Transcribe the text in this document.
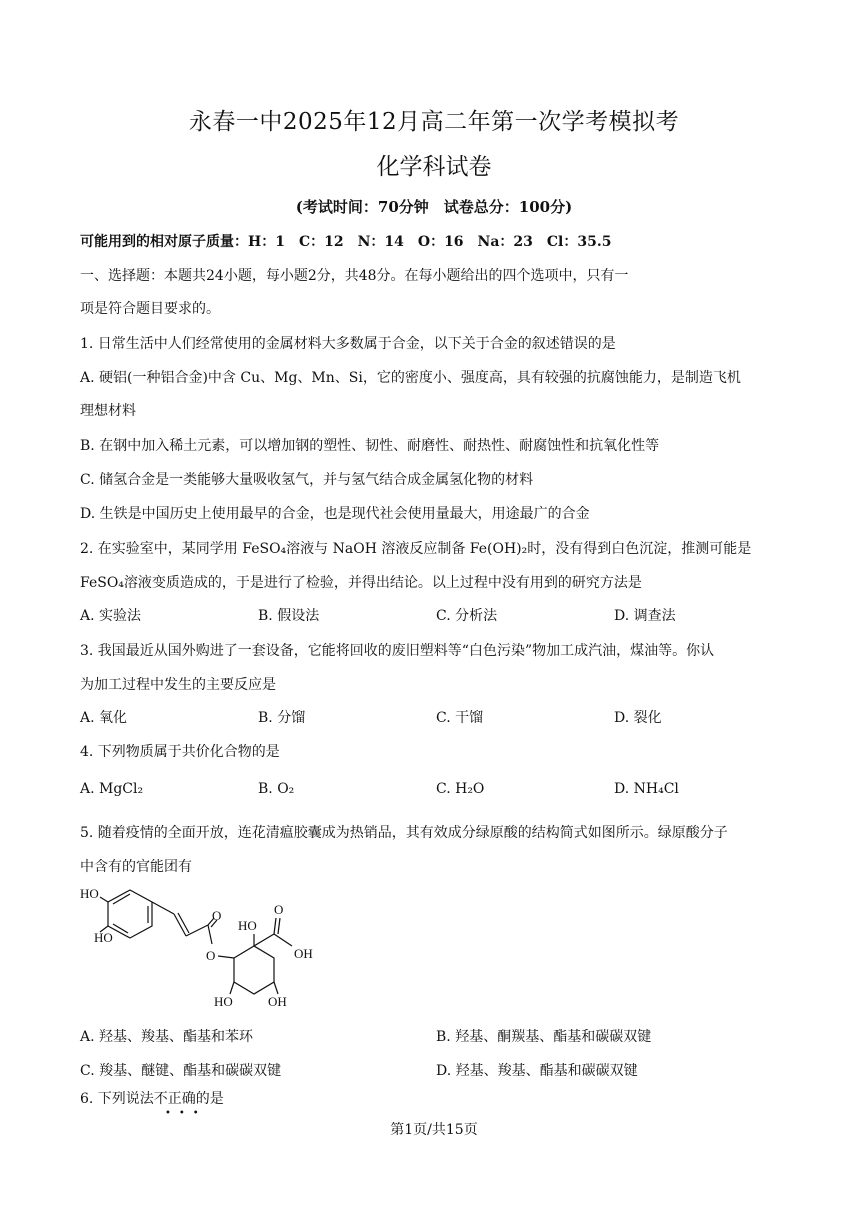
永春一中2025年12月高二年第一次学考模拟考
化学科试卷
(考试时间：70分钟　试卷总分：100分)
可能用到的相对原子质量：H：1　C：12　N：14　O：16　Na：23　Cl：35.5
一、选择题：本题共24小题，每小题2分，共48分。在每小题给出的四个选项中，只有一
项是符合题目要求的。
1. 日常生活中人们经常使用的金属材料大多数属于合金，以下关于合金的叙述错误的是
A. 硬铝(一种铝合金)中含 Cu、Mg、Mn、Si，它的密度小、强度高，具有较强的抗腐蚀能力，是制造飞机
理想材料
B. 在钢中加入稀土元素，可以增加钢的塑性、韧性、耐磨性、耐热性、耐腐蚀性和抗氧化性等
C. 储氢合金是一类能够大量吸收氢气，并与氢气结合成金属氢化物的材料
D. 生铁是中国历史上使用最早的合金，也是现代社会使用量最大，用途最广的合金
2. 在实验室中，某同学用 FeSO₄溶液与 NaOH 溶液反应制备 Fe(OH)₂时，没有得到白色沉淀，推测可能是
FeSO₄溶液变质造成的，于是进行了检验，并得出结论。以上过程中没有用到的研究方法是
A. 实验法	B. 假设法	C. 分析法	D. 调查法
3. 我国最近从国外购进了一套设备，它能将回收的废旧塑料等“白色污染”物加工成汽油，煤油等。你认
为加工过程中发生的主要反应是
A. 氧化	B. 分馏	C. 干馏	D. 裂化
4. 下列物质属于共价化合物的是
A. MgCl₂	B. O₂	C. H₂O	D. NH₄Cl
5. 随着疫情的全面开放，连花清瘟胶囊成为热销品，其有效成分绿原酸的结构简式如图所示。绿原酸分子
中含有的官能团有
HO
HO
O
O
HO
O
OH
HO	OH
A. 羟基、羧基、酯基和苯环	B. 羟基、酮羰基、酯基和碳碳双键
C. 羧基、醚键、酯基和碳碳双键	D. 羟基、羧基、酯基和碳碳双键
6. 下列说法不正确的是
•••
第1页/共15页
